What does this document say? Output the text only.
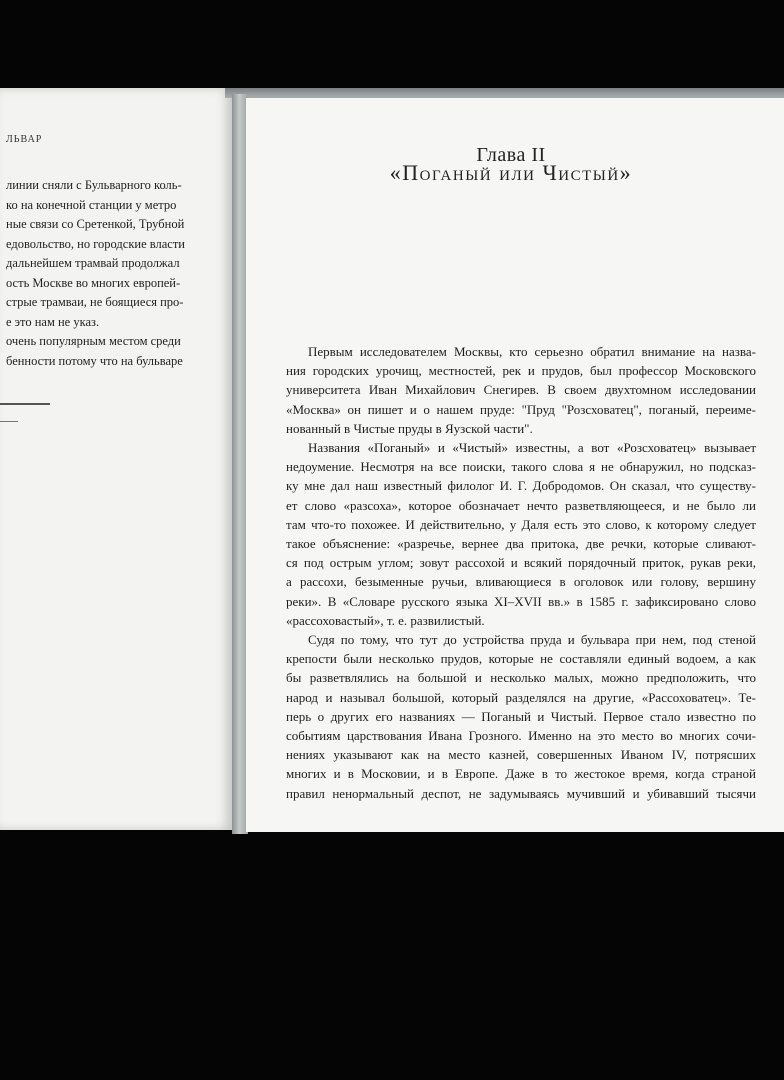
ЛЬВАР
линии сняли с Бульварного коль-
ко на конечной станции у метро
ные связи со Сретенкой, Трубной
едовольство, но городские власти
дальнейшем трамвай продолжал
ость Москве во многих европей-
стрые трамваи, не боящиеся про-
е это нам не указ.
очень популярным местом среди
бенности потому что на бульваре
Глава II
«Поганый или Чистый»
Первым исследователем Москвы, кто серьезно обратил внимание на назва-
ния городских урочищ, местностей, рек и прудов, был профессор Московского
университета Иван Михайлович Снегирев. В своем двухтомном исследовании
«Москва» он пишет и о нашем пруде: "Пруд "Розсховатец", поганый, переиме-
нованный в Чистые пруды в Яузской части".
Названия «Поганый» и «Чистый» известны, а вот «Розсховатец» вызывает
недоумение. Несмотря на все поиски, такого слова я не обнаружил, но подсказ-
ку мне дал наш известный филолог И. Г. Добродомов. Он сказал, что существу-
ет слово «разсоха», которое обозначает нечто разветвляющееся, и не было ли
там что-то похожее. И действительно, у Даля есть это слово, к которому следует
такое объяснение: «разречье, вернее два притока, две речки, которые сливают-
ся под острым углом; зовут рассохой и всякий порядочный приток, рукав реки,
а рассохи, безыменные ручьи, вливающиеся в оголовок или голову, вершину
реки». В «Словаре русского языка XI–XVII вв.» в 1585 г. зафиксировано слово
«рассоховастый», т. е. развилистый.
Судя по тому, что тут до устройства пруда и бульвара при нем, под стеной
крепости были несколько прудов, которые не составляли единый водоем, а как
бы разветвлялись на большой и несколько малых, можно предположить, что
народ и называл большой, который разделялся на другие, «Рассоховатец». Те-
перь о других его названиях — Поганый и Чистый. Первое стало известно по
событиям царствования Ивана Грозного. Именно на это место во многих сочи-
нениях указывают как на место казней, совершенных Иваном IV, потрясших
многих и в Московии, и в Европе. Даже в то жестокое время, когда страной
правил ненормальный деспот, не задумываясь мучивший и убивавший тысячи
